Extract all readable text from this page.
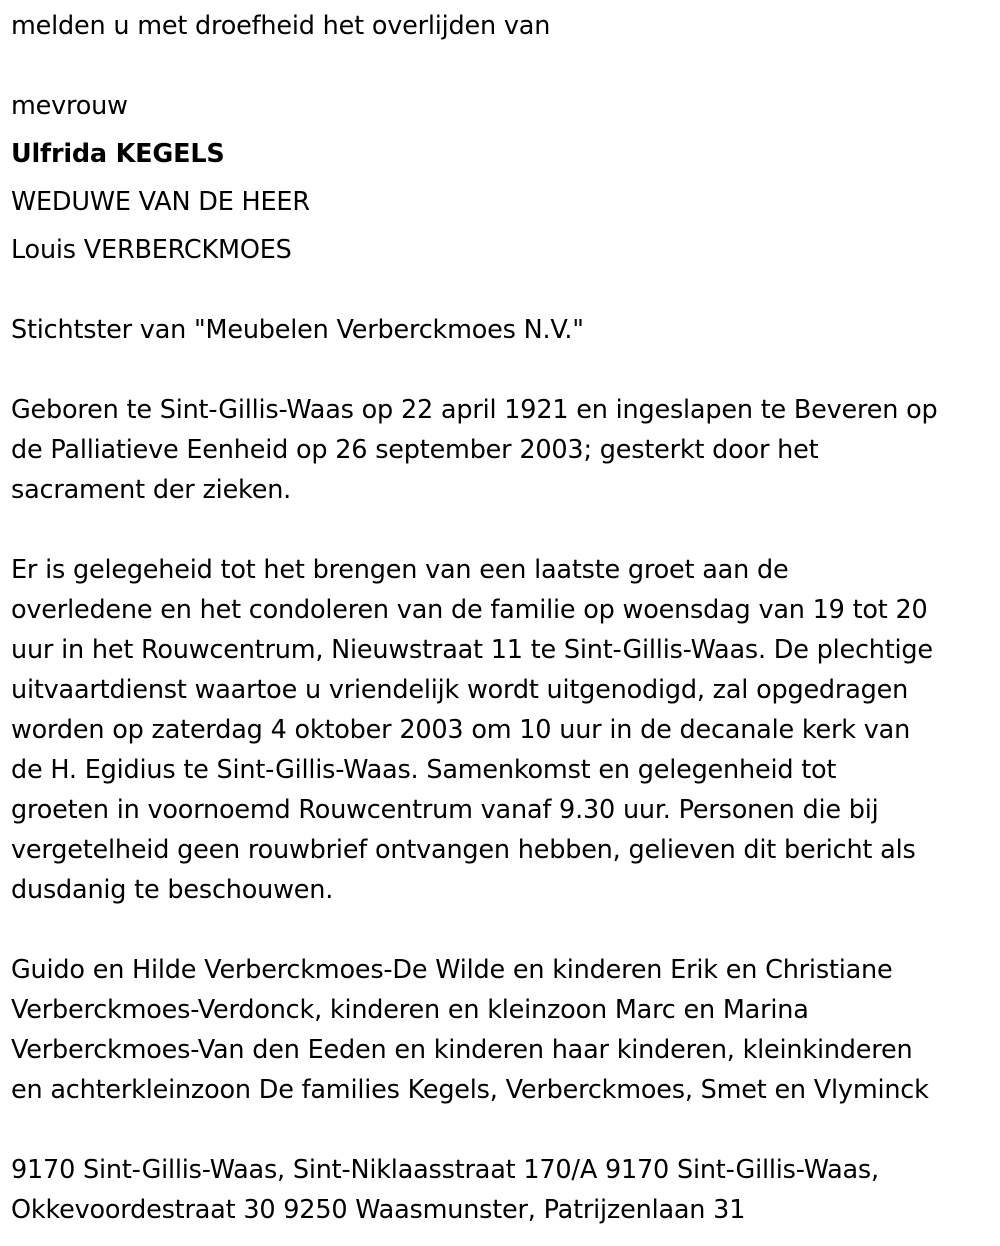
melden u met droefheid het overlijden van
mevrouw
Ulfrida KEGELS
WEDUWE VAN DE HEER
Louis VERBERCKMOES
Stichtster van "Meubelen Verberckmoes N.V."
Geboren te Sint-Gillis-Waas op 22 april 1921 en ingeslapen te Beveren op
de Palliatieve Eenheid op 26 september 2003; gesterkt door het
sacrament der zieken.
Er is gelegeheid tot het brengen van een laatste groet aan de
overledene en het condoleren van de familie op woensdag van 19 tot 20
uur in het Rouwcentrum, Nieuwstraat 11 te Sint-Gillis-Waas. De plechtige
uitvaartdienst waartoe u vriendelijk wordt uitgenodigd, zal opgedragen
worden op zaterdag 4 oktober 2003 om 10 uur in de decanale kerk van
de H. Egidius te Sint-Gillis-Waas. Samenkomst en gelegenheid tot
groeten in voornoemd Rouwcentrum vanaf 9.30 uur. Personen die bij
vergetelheid geen rouwbrief ontvangen hebben, gelieven dit bericht als
dusdanig te beschouwen.
Guido en Hilde Verberckmoes-De Wilde en kinderen Erik en Christiane
Verberckmoes-Verdonck, kinderen en kleinzoon Marc en Marina
Verberckmoes-Van den Eeden en kinderen haar kinderen, kleinkinderen
en achterkleinzoon De families Kegels, Verberckmoes, Smet en Vlyminck
9170 Sint-Gillis-Waas, Sint-Niklaasstraat 170/A 9170 Sint-Gillis-Waas,
Okkevoordestraat 30 9250 Waasmunster, Patrijzenlaan 31
